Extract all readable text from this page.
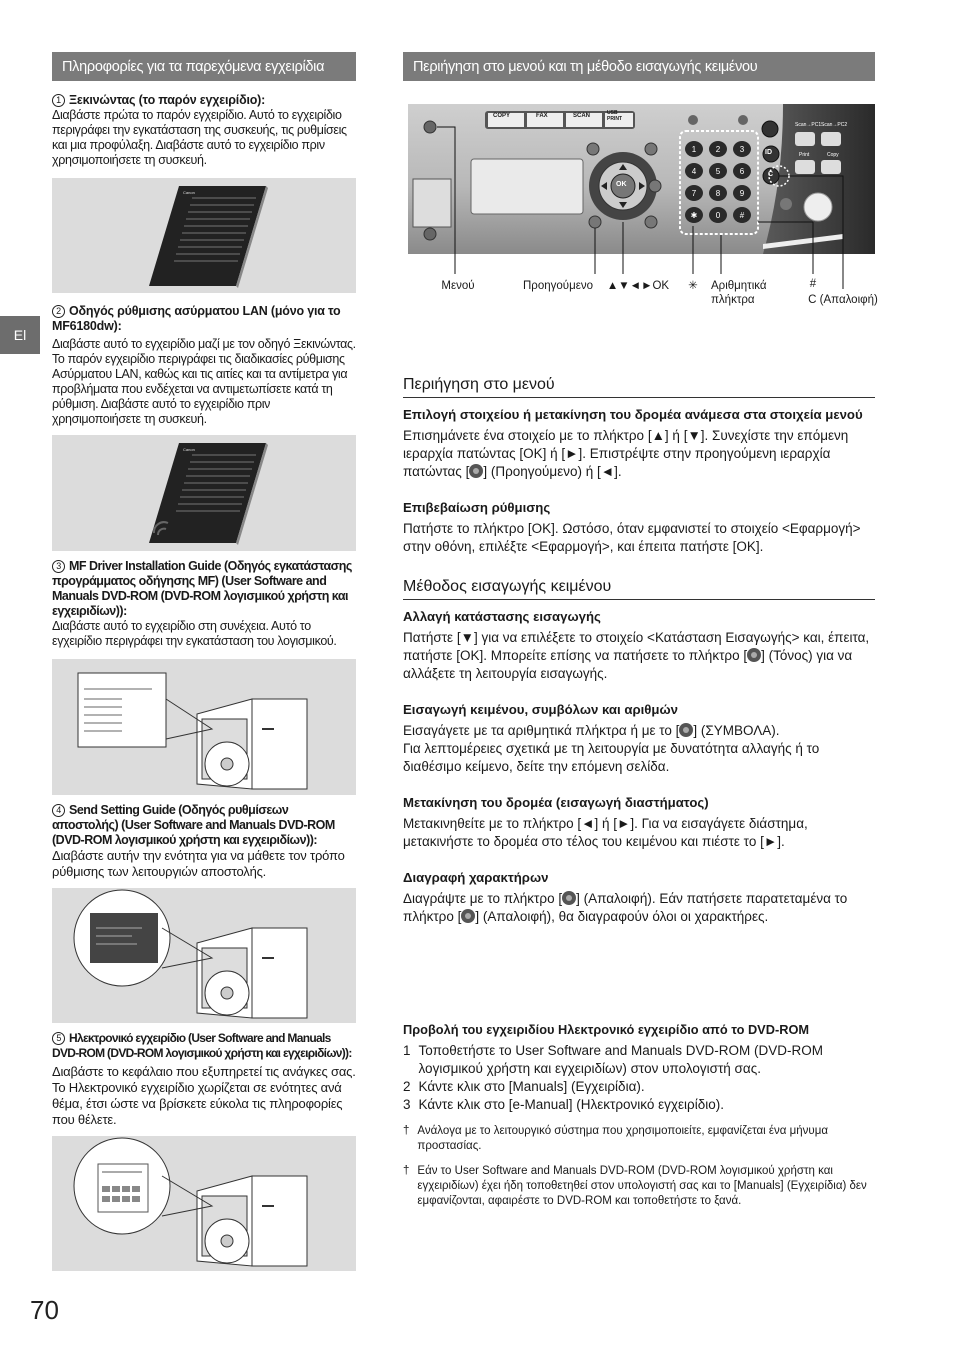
El
70
Πληροφορίες για τα παρεχόμενα εγχειρίδια
1 Ξεκινώντας (το παρόν εγχειρίδιο):
Διαβάστε πρώτα το παρόν εγχειρίδιο. Αυτό το εγχειρίδιο περιγράφει την εγκατάσταση της συσκευής, τις ρυθμίσεις και μια προφύλαξη. Διαβάστε αυτό το εγχειρίδιο πριν χρησιμοποιήσετε τη συσκευή.
Canon
2 Οδηγός ρύθμισης ασύρματου LAN (μόνο για το MF6180dw):
Διαβάστε αυτό το εγχειρίδιο μαζί με τον οδηγό Ξεκινώντας. Το παρόν εγχειρίδιο περιγράφει τις διαδικασίες ρύθμισης Ασύρματου LAN, καθώς και τις αιτίες και τα αντίμετρα για προβλήματα που ενδέχεται να αντιμετωπίσετε κατά τη ρύθμιση. Διαβάστε αυτό το εγχειρίδιο πριν χρησιμοποιήσετε τη συσκευή.
Canon
3 MF Driver Installation Guide (Οδηγός εγκατάστασης προγράμματος οδήγησης MF) (User Software and Manuals DVD-ROM (DVD-ROM λογισμικού χρήστη και εγχειριδίων)):
Διαβάστε αυτό το εγχειρίδιο στη συνέχεια. Αυτό το εγχειρίδιο περιγράφει την εγκατάσταση του λογισμικού.
4 Send Setting Guide (Οδηγός ρυθμίσεων αποστολής) (User Software and Manuals DVD-ROM (DVD-ROM λογισμικού χρήστη και εγχειριδίων)):
Διαβάστε αυτήν την ενότητα για να μάθετε τον τρόπο ρύθμισης των λειτουργιών αποστολής.
5 Ηλεκτρονικό εγχειρίδιο (User Software and Manuals DVD-ROM (DVD-ROM λογισμικού χρήστη και εγχειριδίων)):
Διαβάστε το κεφάλαιο που εξυπηρετεί τις ανάγκες σας. Το Ηλεκτρονικό εγχειρίδιο χωρίζεται σε ενότητες ανά θέμα, έτσι ώστε να βρίσκετε εύκολα τις πληροφορίες που θέλετε.
Περιήγηση στο μενού και τη μέθοδο εισαγωγής κειμένου
COPY	FAX	SCAN	USB PRINT
OK
ID
C
Scan→PC1 Scan→PC2
Print	Copy
1	2	3
4	5	6
7	8	9
✱	0	#
Μενού	Προηγούμενο	▲▼◄►OK	✳	Αριθμητικά πλήκτρα
#
C (Απαλοιφή)
Περιήγηση στο μενού
Επιλογή στοιχείου ή μετακίνηση του δρομέα ανάμεσα στα στοιχεία μενού
Επισημάνετε ένα στοιχείο με το πλήκτρο [▲] ή [▼]. Συνεχίστε την επόμενη ιεραρχία πατώντας [OK] ή [►]. Επιστρέψτε στην προηγούμενη ιεραρχία πατώντας [ ] (Προηγούμενο) ή [◄].
Επιβεβαίωση ρύθμισης
Πατήστε το πλήκτρο [OK]. Ωστόσο, όταν εμφανιστεί το στοιχείο <Εφαρμογή> στην οθόνη, επιλέξτε <Εφαρμογή>, και έπειτα πατήστε [OK].
Μέθοδος εισαγωγής κειμένου
Αλλαγή κατάστασης εισαγωγής
Πατήστε [▼] για να επιλέξετε το στοιχείο <Κατάσταση Εισαγωγής> και, έπειτα, πατήστε [OK]. Μπορείτε επίσης να πατήσετε το πλήκτρο [ ] (Τόνος) για να αλλάξετε τη λειτουργία εισαγωγής.
Εισαγωγή κειμένου, συμβόλων και αριθμών
Εισαγάγετε με τα αριθμητικά πλήκτρα ή με το [ ] (ΣΥΜΒΟΛΑ).
Για λεπτομέρειες σχετικά με τη λειτουργία με δυνατότητα αλλαγής ή το διαθέσιμο κείμενο, δείτε την επόμενη σελίδα.
Μετακίνηση του δρομέα (εισαγωγή διαστήματος)
Μετακινηθείτε με το πλήκτρο [◄] ή [►]. Για να εισαγάγετε διάστημα, μετακινήστε το δρομέα στο τέλος του κειμένου και πιέστε το [►].
Διαγραφή χαρακτήρων
Διαγράψτε με το πλήκτρο [ ] (Απαλοιφή). Εάν πατήσετε παρατεταμένα το πλήκτρο [ ] (Απαλοιφή), θα διαγραφούν όλοι οι χαρακτήρες.
Προβολή του εγχειριδίου Ηλεκτρονικό εγχειρίδιο από το DVD-ROM
1 Τοποθετήστε το User Software and Manuals DVD-ROM (DVD-ROM λογισμικού χρήστη και εγχειριδίων) στον υπολογιστή σας.
2 Κάντε κλικ στο [Manuals] (Εγχειρίδια).
3 Κάντε κλικ στο [e-Manual] (Ηλεκτρονικό εγχειρίδιο).
† Ανάλογα με το λειτουργικό σύστημα που χρησιμοποιείτε, εμφανίζεται ένα μήνυμα προστασίας.
† Εάν το User Software and Manuals DVD-ROM (DVD-ROM λογισμικού χρήστη και εγχειριδίων) έχει ήδη τοποθετηθεί στον υπολογιστή σας και το [Manuals] (Εγχειρίδια) δεν εμφανίζονται, αφαιρέστε το DVD-ROM και τοποθετήστε το ξανά.
